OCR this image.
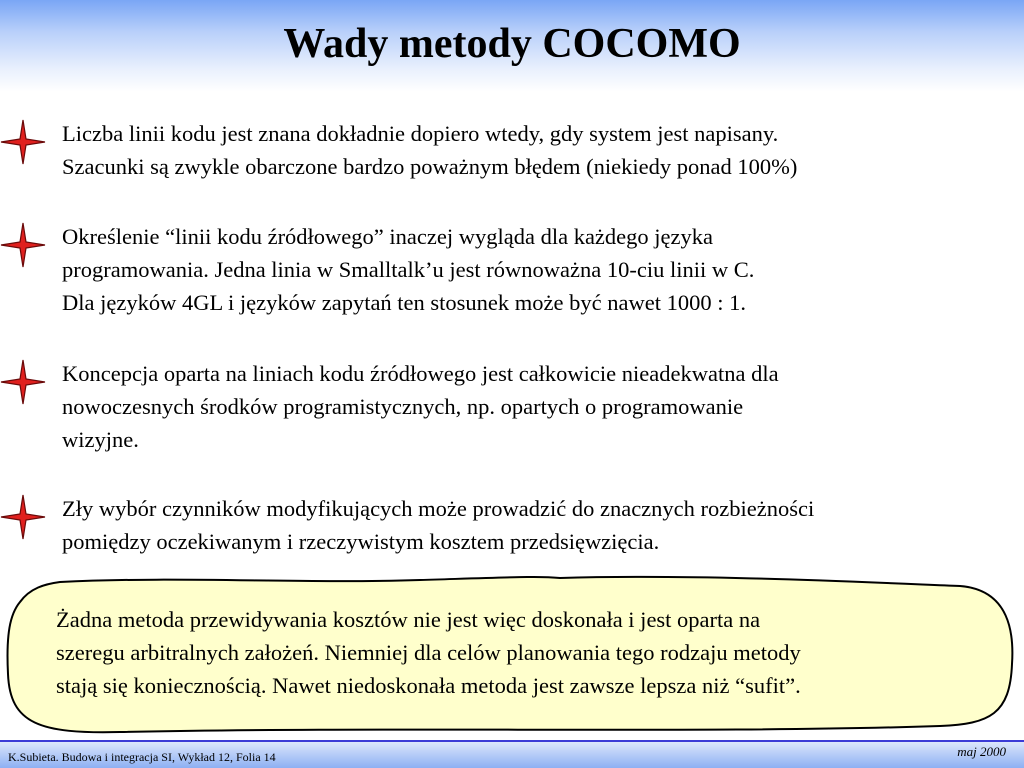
Wady metody COCOMO
Liczba linii kodu jest znana dokładnie dopiero wtedy, gdy system jest napisany.
Szacunki są zwykle obarczone bardzo poważnym błędem (niekiedy ponad 100%)
Określenie “linii kodu źródłowego” inaczej wygląda dla każdego języka
programowania. Jedna linia w Smalltalk’u jest równoważna 10-ciu linii w C.
Dla języków 4GL i języków zapytań ten stosunek może być nawet 1000 : 1.
Koncepcja oparta na liniach kodu źródłowego jest całkowicie nieadekwatna dla
nowoczesnych środków programistycznych, np. opartych o programowanie
wizyjne.
Zły wybór czynników modyfikujących może prowadzić do znacznych rozbieżności
pomiędzy oczekiwanym i rzeczywistym kosztem przedsięwzięcia.
Żadna metoda przewidywania kosztów nie jest więc doskonała i jest oparta na
szeregu arbitralnych założeń. Niemniej dla celów planowania tego rodzaju metody
stają się koniecznością. Nawet niedoskonała metoda jest zawsze lepsza niż “sufit”.
K.Subieta. Budowa i integracja SI, Wykład 12, Folia 14	maj 2000
